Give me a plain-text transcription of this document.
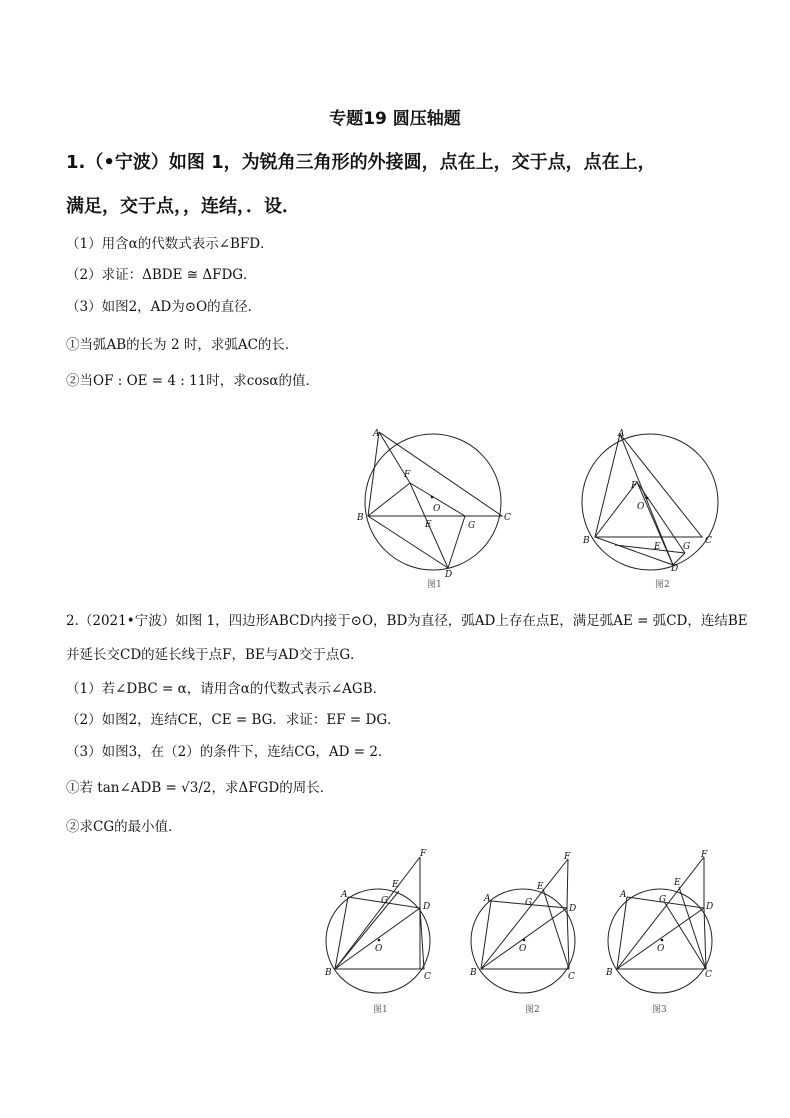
专题19 圆压轴题
1.（•宁波）如图 1，为锐角三角形的外接圆，点在上，交于点，点在上，
满足，交于点，，连结，．设．
（1）用含α的代数式表示∠BFD．
（2）求证：ΔBDE ≅ ΔFDG．
（3）如图2，AD为⊙O的直径．
①当弧AB的长为 2 时，求弧AC的长．
②当OF : OE = 4 : 11时，求cosα的值．
A
B	C
D
E
F
G
O
图1
A
B	C
D
E
F
G
O
图2
2.（2021•宁波）如图 1，四边形ABCD内接于⊙O，BD为直径，弧AD上存在点E，满足弧AE = 弧CD，连结BE
并延长交CD的延长线于点F，BE与AD交于点G．
（1）若∠DBC = α，请用含α的代数式表示∠AGB．
（2）如图2，连结CE，CE = BG．求证：EF = DG．
（3）如图3，在（2）的条件下，连结CG，AD = 2．
①若 tan∠ADB = √3/2，求ΔFGD的周长．
②求CG的最小值．
A
B	C
D
E
F
G
O
图1
A
B	C
D
E
F
G
O
图2
A
B	C
D
E
F
G
O
图3
